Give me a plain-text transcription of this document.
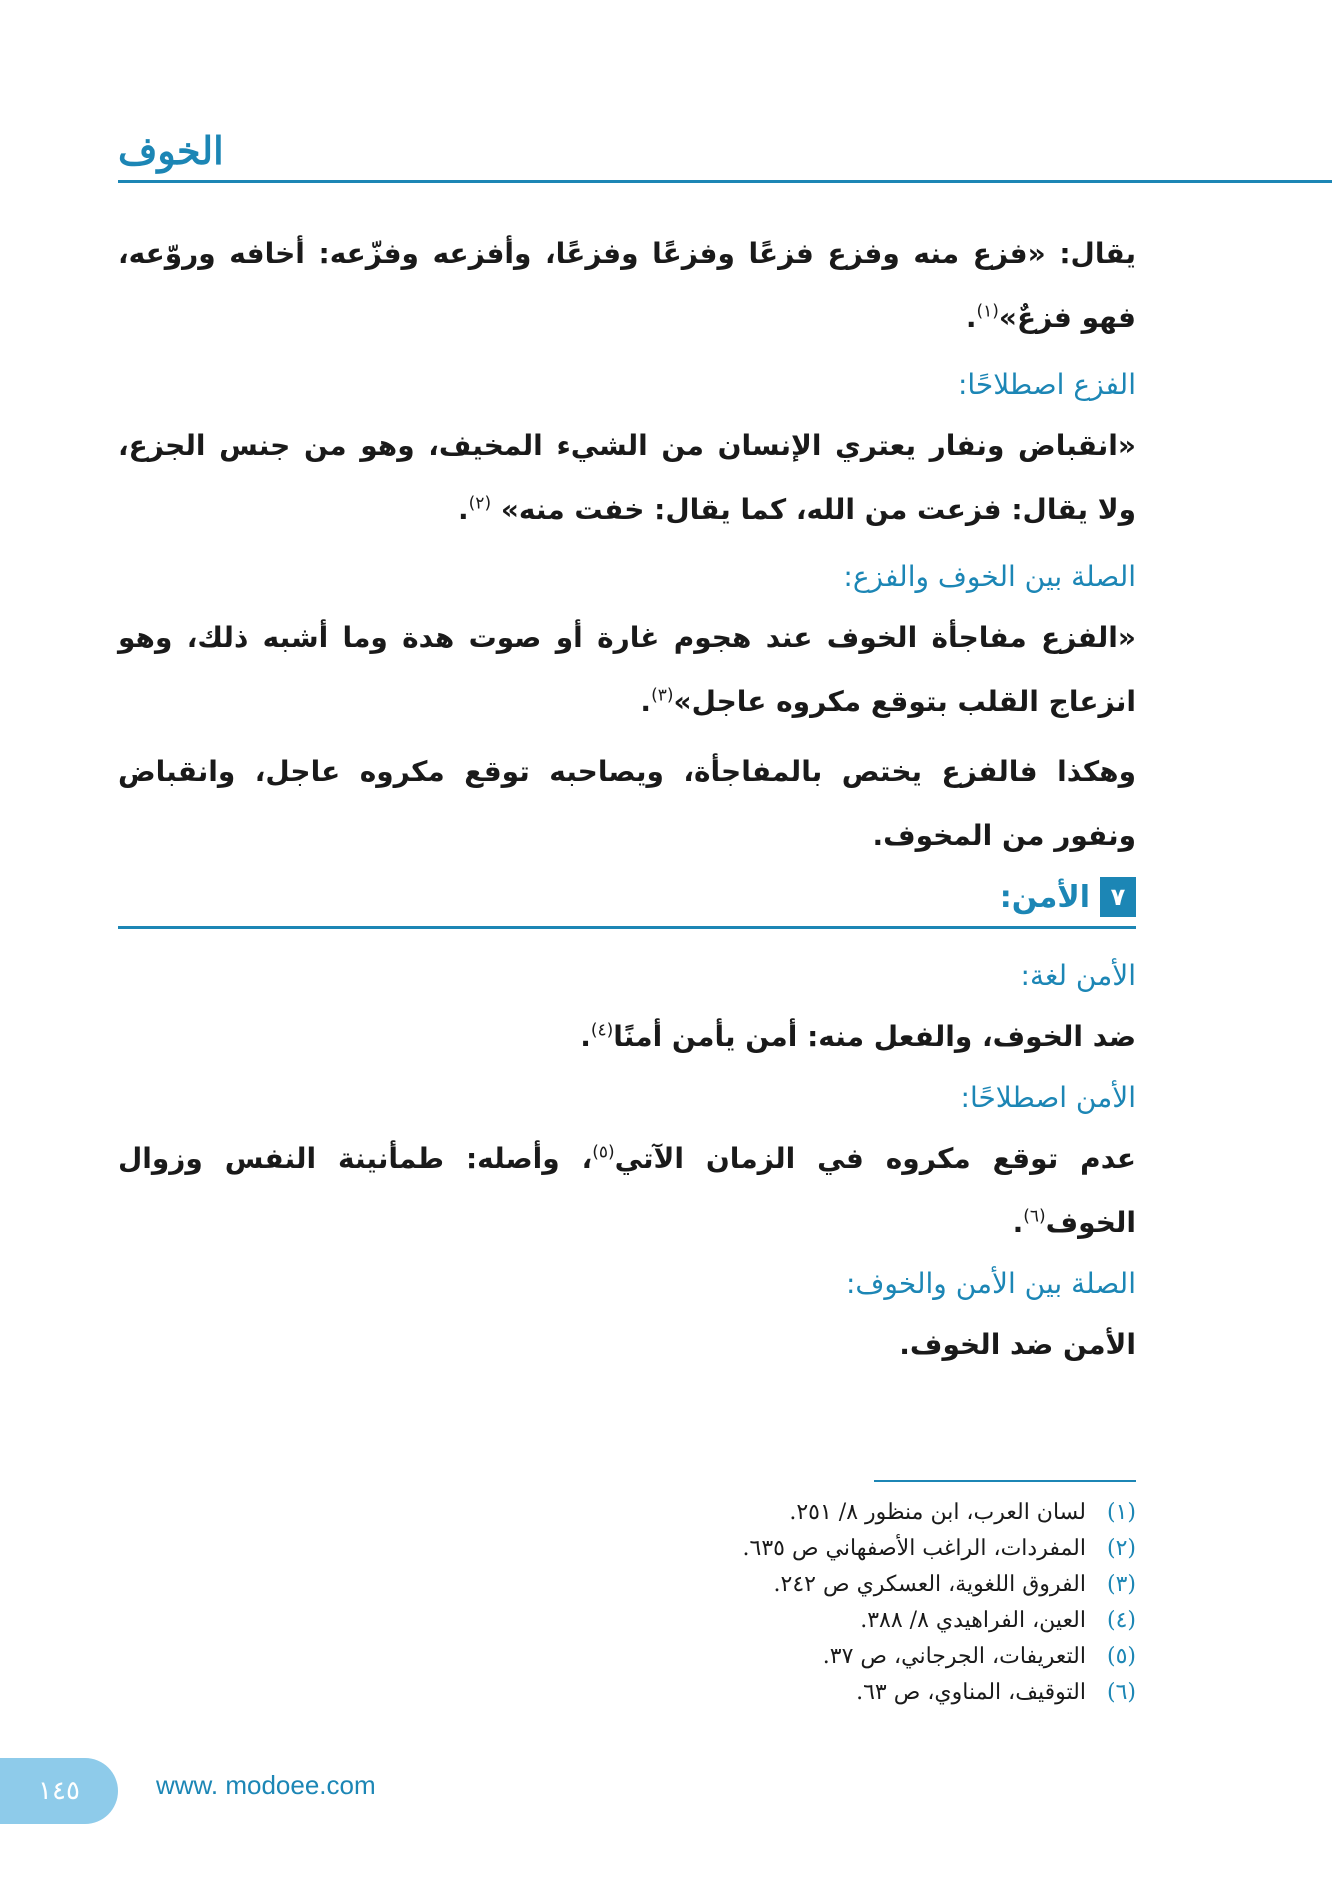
الخوف

يقال: «فزع منه وفزع فزعًا وفزعًا وفزعًا، وأفزعه وفزّعه: أخافه وروّعه، فهو فزعٌ»$^{(١)}$.

الفزع اصطلاحًا:

«انقباض ونفار يعتري الإنسان من الشيء المخيف، وهو من جنس الجزع، ولا يقال: فزعت من الله، كما يقال: خفت منه» $^{(٢)}$.

الصلة بين الخوف والفزع:

«الفزع مفاجأة الخوف عند هجوم غارة أو صوت هدة وما أشبه ذلك، وهو انزعاج القلب بتوقع مكروه عاجل»$^{(٣)}$.

وهكذا فالفزع يختص بالمفاجأة، ويصاحبه توقع مكروه عاجل، وانقباض ونفور من المخوف.

٧
الأمن:

الأمن لغة:

ضد الخوف، والفعل منه: أمن يأمن أمنًا$^{(٤)}$.

الأمن اصطلاحًا:

عدم توقع مكروه في الزمان الآتي$^{(٥)}$، وأصله: طمأنينة النفس وزوال الخوف$^{(٦)}$.

الصلة بين الأمن والخوف:

الأمن ضد الخوف.

(١)
لسان العرب، ابن منظور ٨/ ٢٥١.
(٢)
المفردات، الراغب الأصفهاني ص ٦٣٥.
(٣)
الفروق اللغوية، العسكري ص ٢٤٢.
(٤)
العين، الفراهيدي ٨/ ٣٨٨.
(٥)
التعريفات، الجرجاني، ص ٣٧.
(٦)
التوقيف، المناوي، ص ٦٣.
١٤٥	www. modoee.com
